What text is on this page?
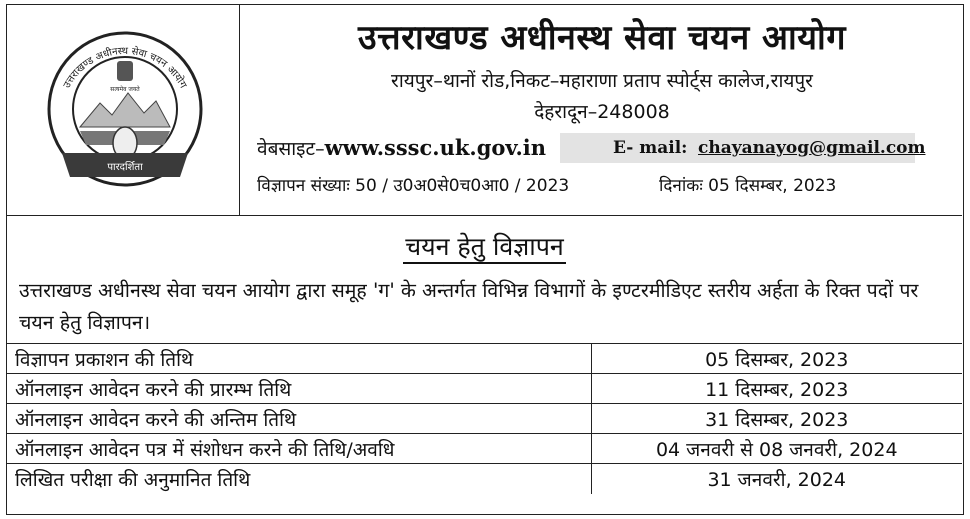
उत्तराखण्ड अधीनस्थ सेवा चयन आयोग
सत्यमेव जयते
पारदर्शिता
उत्तराखण्ड अधीनस्थ सेवा चयन आयोग
रायपुर–थानों रोड,निकट–महाराणा प्रताप स्पोर्ट्स कालेज,रायपुर
देहरादून–248008
वेबसाइट–www.sssc.uk.gov.in	E- mail: chayanayog@gmail.com
विज्ञापन संख्याः 50 / उ0अ0से0च0आ0 / 2023	दिनांकः 05 दिसम्बर, 2023
चयन हेतु विज्ञापन
उत्तराखण्ड अधीनस्थ सेवा चयन आयोग द्वारा समूह 'ग' के अन्तर्गत विभिन्न विभागों के इण्टरमीडिएट स्तरीय अर्हता के रिक्त पदों पर चयन हेतु विज्ञापन।
विज्ञापन प्रकाशन की तिथि	05 दिसम्बर, 2023
ऑनलाइन आवेदन करने की प्रारम्भ तिथि	11 दिसम्बर, 2023
ऑनलाइन आवेदन करने की अन्तिम तिथि	31 दिसम्बर, 2023
ऑनलाइन आवेदन पत्र में संशोधन करने की तिथि/अवधि	04 जनवरी से 08 जनवरी, 2024
लिखित परीक्षा की अनुमानित तिथि	31 जनवरी, 2024
